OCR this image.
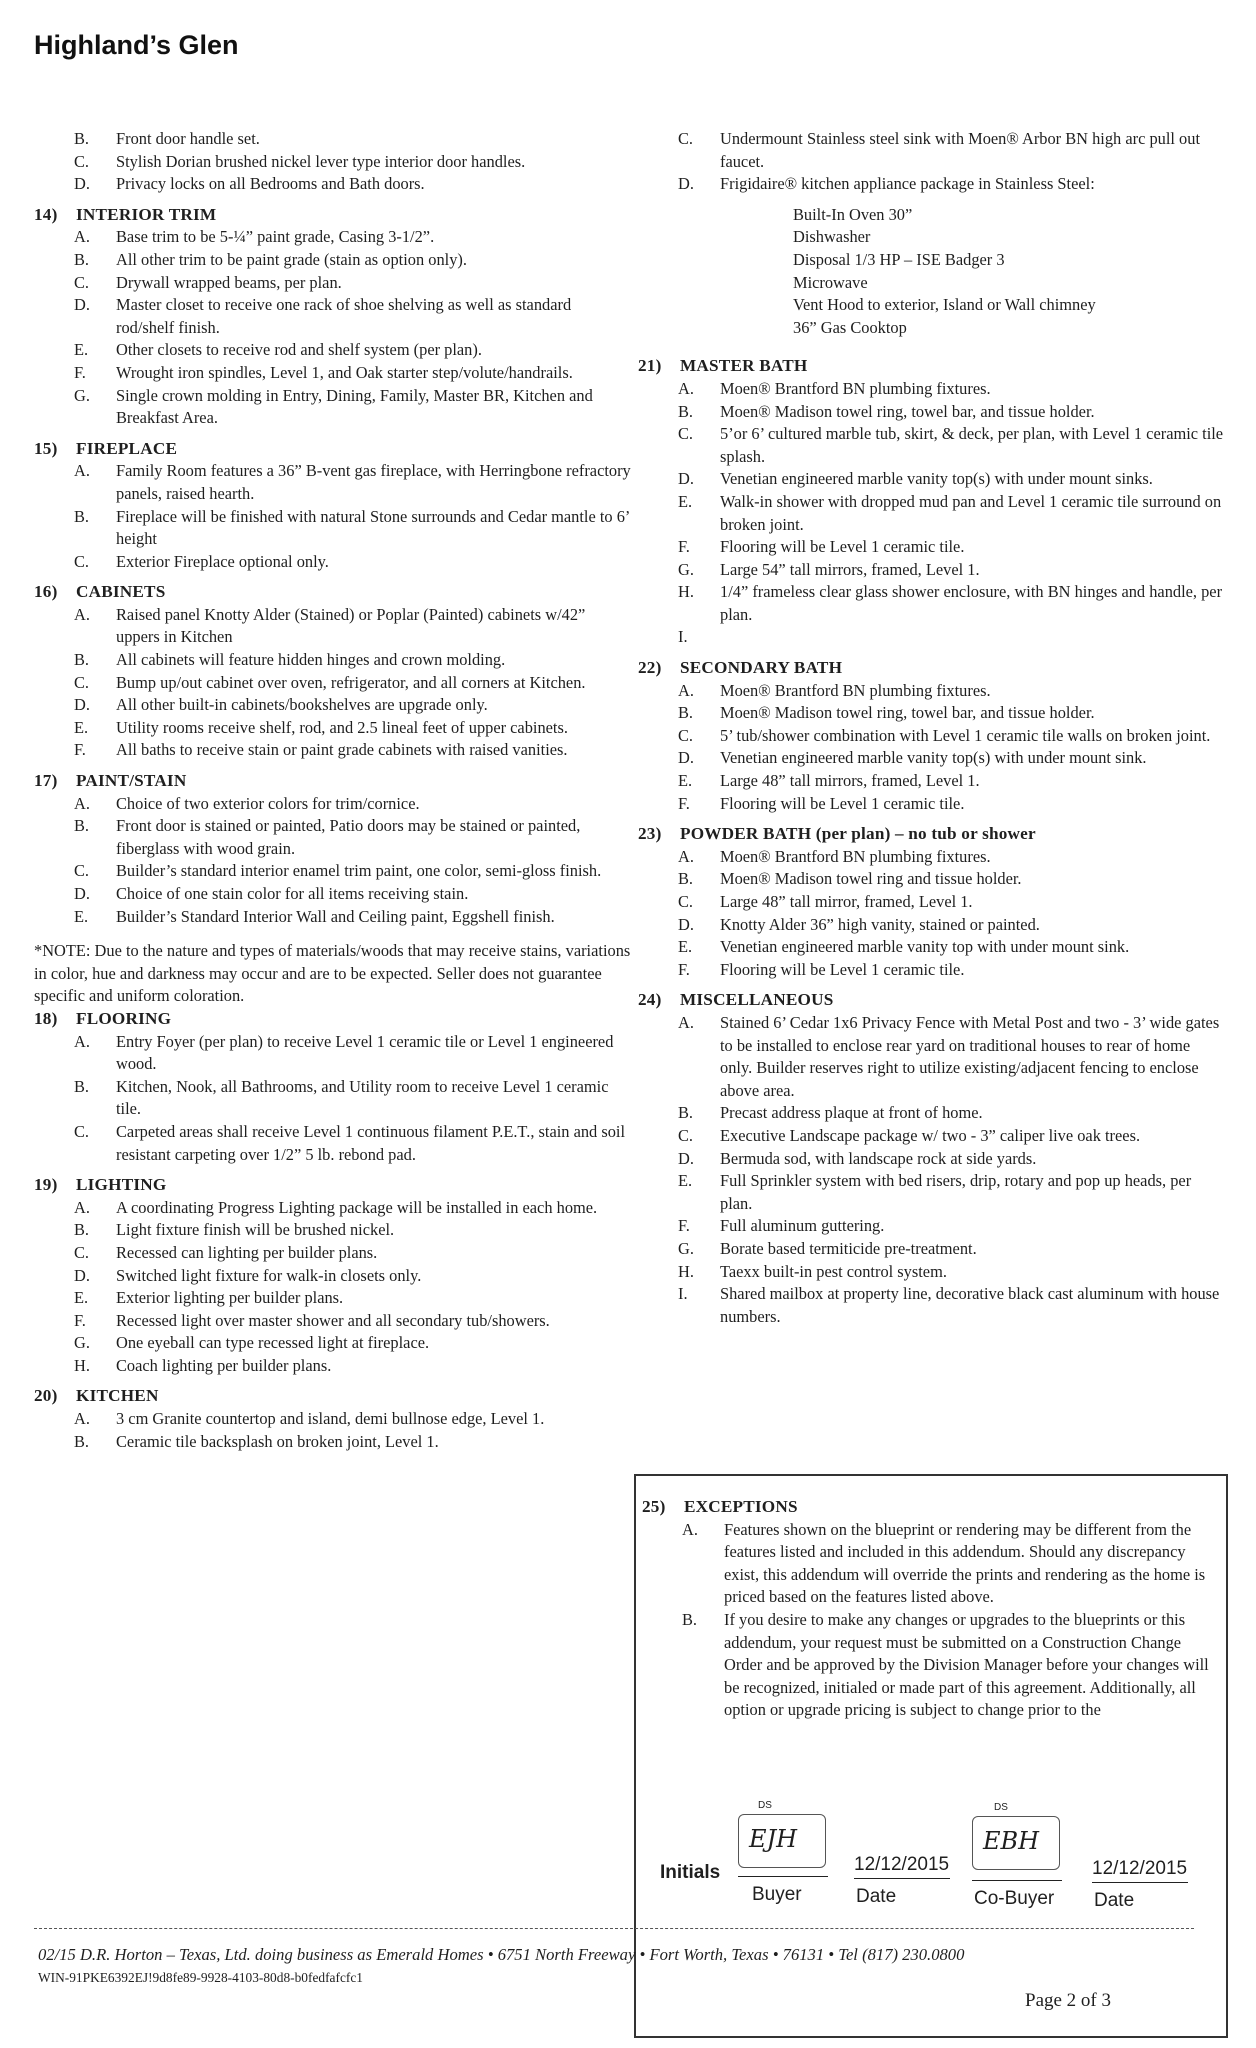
Highland’s Glen
B.	Front door handle set.
C.	Stylish Dorian brushed nickel lever type interior door handles.
D.	Privacy locks on all Bedrooms and Bath doors.
14) INTERIOR TRIM
A.	Base trim to be 5-¼” paint grade, Casing 3-1/2”.
B.	All other trim to be paint grade (stain as option only).
C.	Drywall wrapped beams, per plan.
D.	Master closet to receive one rack of shoe shelving as well as standard rod/shelf finish.
E.	Other closets to receive rod and shelf system (per plan).
F.	Wrought iron spindles, Level 1, and Oak starter step/volute/handrails.
G.	Single crown molding in Entry, Dining, Family, Master BR, Kitchen and Breakfast Area.
15) FIREPLACE
A.	Family Room features a 36” B-vent gas fireplace, with Herringbone refractory panels, raised hearth.
B.	Fireplace will be finished with natural Stone surrounds and Cedar mantle to 6’ height
C.	Exterior Fireplace optional only.
16) CABINETS
A.	Raised panel Knotty Alder (Stained) or Poplar (Painted) cabinets w/42” uppers in Kitchen
B.	All cabinets will feature hidden hinges and crown molding.
C.	Bump up/out cabinet over oven, refrigerator, and all corners at Kitchen.
D.	All other built-in cabinets/bookshelves are upgrade only.
E.	Utility rooms receive shelf, rod, and 2.5 lineal feet of upper cabinets.
F.	All baths to receive stain or paint grade cabinets with raised vanities.
17) PAINT/STAIN
A.	Choice of two exterior colors for trim/cornice.
B.	Front door is stained or painted, Patio doors may be stained or painted, fiberglass with wood grain.
C.	Builder’s standard interior enamel trim paint, one color, semi-gloss finish.
D.	Choice of one stain color for all items receiving stain.
E.	Builder’s Standard Interior Wall and Ceiling paint, Eggshell finish.
*NOTE: Due to the nature and types of materials/woods that may receive stains, variations in color, hue and darkness may occur and are to be expected. Seller does not guarantee specific and uniform coloration.
18) FLOORING
A.	Entry Foyer (per plan) to receive Level 1 ceramic tile or Level 1 engineered wood.
B.	Kitchen, Nook, all Bathrooms, and Utility room to receive Level 1 ceramic tile.
C.	Carpeted areas shall receive Level 1 continuous filament P.E.T., stain and soil resistant carpeting over 1/2” 5 lb. rebond pad.
19) LIGHTING
A.	A coordinating Progress Lighting package will be installed in each home.
B.	Light fixture finish will be brushed nickel.
C.	Recessed can lighting per builder plans.
D.	Switched light fixture for walk-in closets only.
E.	Exterior lighting per builder plans.
F.	Recessed light over master shower and all secondary tub/showers.
G.	One eyeball can type recessed light at fireplace.
H.	Coach lighting per builder plans.
20) KITCHEN
A.	3 cm Granite countertop and island, demi bullnose edge, Level 1.
B.	Ceramic tile backsplash on broken joint, Level 1.
C.	Undermount Stainless steel sink with Moen® Arbor BN high arc pull out faucet.
D.	Frigidaire® kitchen appliance package in Stainless Steel:
Built-In Oven 30”
Dishwasher
Disposal 1/3 HP – ISE Badger 3
Microwave
Vent Hood to exterior, Island or Wall chimney
36” Gas Cooktop
21) MASTER BATH
A.	Moen® Brantford BN plumbing fixtures.
B.	Moen® Madison towel ring, towel bar, and tissue holder.
C.	5’or 6’ cultured marble tub, skirt, & deck, per plan, with Level 1 ceramic tile splash.
D.	Venetian engineered marble vanity top(s) with under mount sinks.
E.	Walk-in shower with dropped mud pan and Level 1 ceramic tile surround on broken joint.
F.	Flooring will be Level 1 ceramic tile.
G.	Large 54” tall mirrors, framed, Level 1.
H.	1/4” frameless clear glass shower enclosure, with BN hinges and handle, per plan.
I.
22) SECONDARY BATH
A.	Moen® Brantford BN plumbing fixtures.
B.	Moen® Madison towel ring, towel bar, and tissue holder.
C.	5’ tub/shower combination with Level 1 ceramic tile walls on broken joint.
D.	Venetian engineered marble vanity top(s) with under mount sink.
E.	Large 48” tall mirrors, framed, Level 1.
F.	Flooring will be Level 1 ceramic tile.
23) POWDER BATH (per plan) – no tub or shower
A.	Moen® Brantford BN plumbing fixtures.
B.	Moen® Madison towel ring and tissue holder.
C.	Large 48” tall mirror, framed, Level 1.
D.	Knotty Alder 36” high vanity, stained or painted.
E.	Venetian engineered marble vanity top with under mount sink.
F.	Flooring will be Level 1 ceramic tile.
24) MISCELLANEOUS
A.	Stained 6’ Cedar 1x6 Privacy Fence with Metal Post and two - 3’ wide gates to be installed to enclose rear yard on traditional houses to rear of home only. Builder reserves right to utilize existing/adjacent fencing to enclose above area.
B.	Precast address plaque at front of home.
C.	Executive Landscape package w/ two - 3” caliper live oak trees.
D.	Bermuda sod, with landscape rock at side yards.
E.	Full Sprinkler system with bed risers, drip, rotary and pop up heads, per plan.
F.	Full aluminum guttering.
G.	Borate based termiticide pre-treatment.
H.	Taexx built-in pest control system.
I.	Shared mailbox at property line, decorative black cast aluminum with house numbers.
25) EXCEPTIONS
A.	Features shown on the blueprint or rendering may be different from the features listed and included in this addendum. Should any discrepancy exist, this addendum will override the prints and rendering as the home is priced based on the features listed above.
B.	If you desire to make any changes or upgrades to the blueprints or this addendum, your request must be submitted on a Construction Change Order and be approved by the Division Manager before your changes will be recognized, initialed or made part of this agreement. Additionally, all option or upgrade pricing is subject to change prior to the
Initials
EJH
DS
Buyer
12/12/2015
Date
EBH
DS
Co-Buyer
12/12/2015
Date
02/15 D.R. Horton – Texas, Ltd. doing business as Emerald Homes • 6751 North Freeway • Fort Worth, Texas • 76131 • Tel (817) 230.0800
WIN-91PKE6392EJ!9d8fe89-9928-4103-80d8-b0fedfafcfc1
Page 2 of 3
